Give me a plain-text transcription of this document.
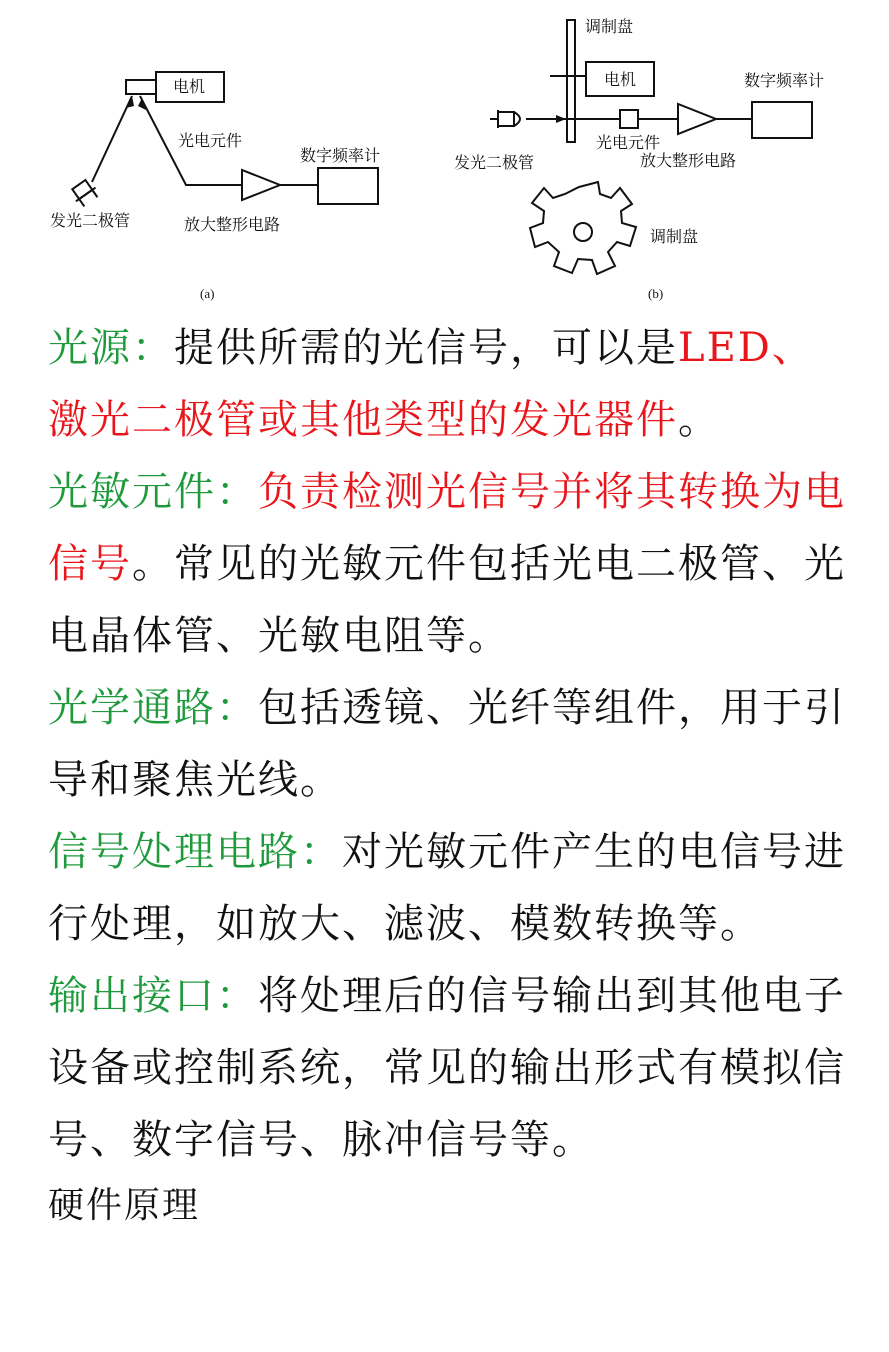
电机
发光二极管
光电元件
数字频率计
放大整形电路
(a)
调制盘
电机	数字频率计
光电元件
发光二极管	放大整形电路
调制盘
(b)

光源：提供所需的光信号，可以是LED、激光二极管或其他类型的发光器件。

光敏元件：负责检测光信号并将其转换为电信号。常见的光敏元件包括光电二极管、光电晶体管、光敏电阻等。

光学通路：包括透镜、光纤等组件，用于引导和聚焦光线。

信号处理电路：对光敏元件产生的电信号进行处理，如放大、滤波、模数转换等。

输出接口：将处理后的信号输出到其他电子设备或控制系统，常见的输出形式有模拟信号、数字信号、脉冲信号等。

硬件原理
